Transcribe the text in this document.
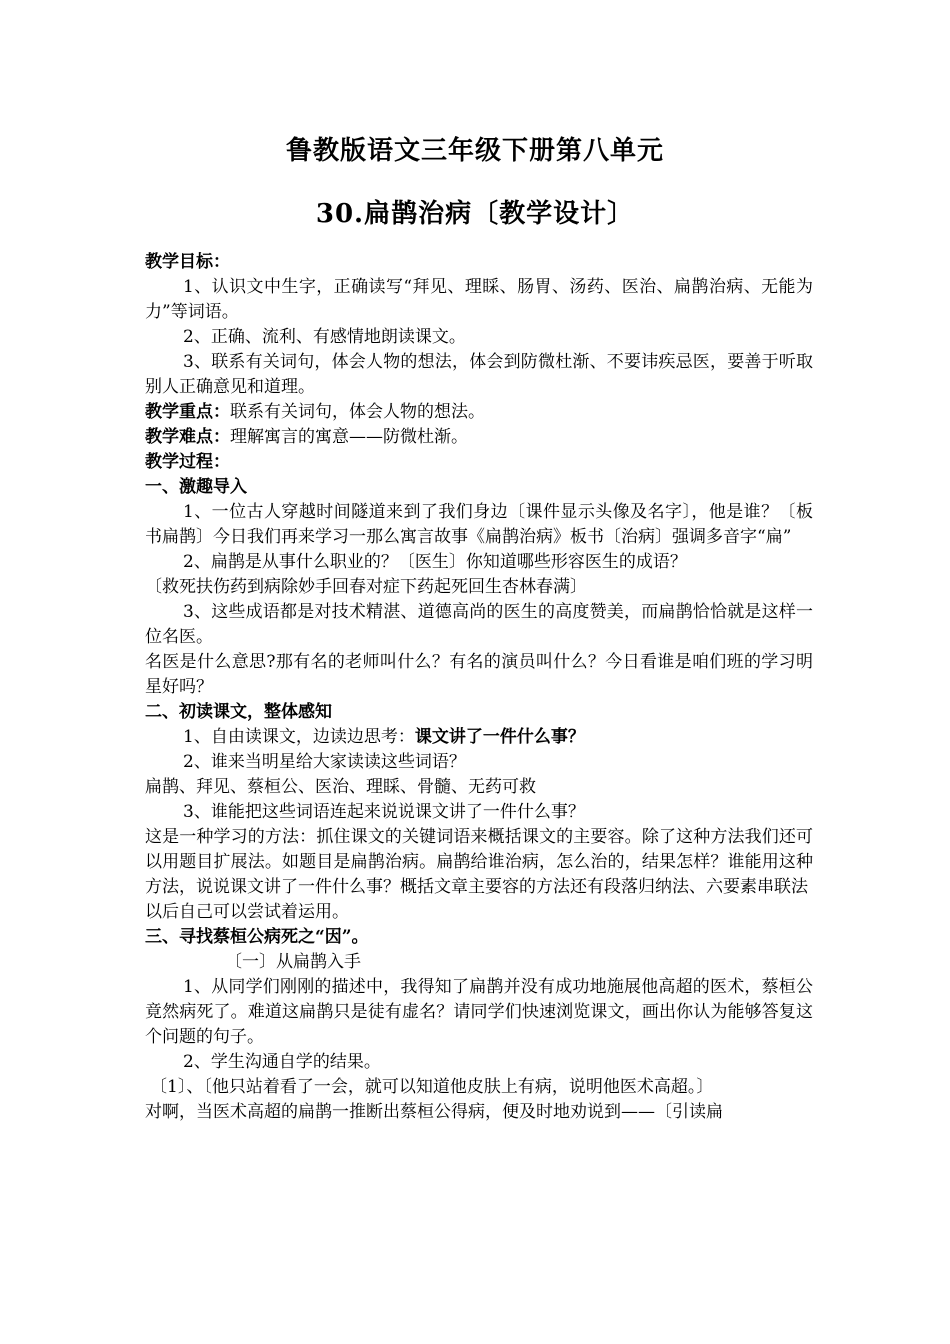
鲁教版语文三年级下册第八单元
30.扁鹊治病〔教学设计〕

教学目标：

1、认识文中生字，正确读写“拜见、理睬、肠胃、汤药、医治、扁鹊治病、无能为力”等词语。

2、正确、流利、有感情地朗读课文。

3、联系有关词句，体会人物的想法，体会到防微杜渐、不要讳疾忌医，要善于听取别人正确意见和道理。

教学重点：联系有关词句，体会人物的想法。

教学难点：理解寓言的寓意——防微杜渐。

教学过程：

一、激趣导入

1、一位古人穿越时间隧道来到了我们身边〔课件显示头像及名字〕，他是谁？〔板书扁鹊〕今日我们再来学习一那么寓言故事《扁鹊治病》板书〔治病〕强调多音字“扁”

2、扁鹊是从事什么职业的？〔医生〕你知道哪些形容医生的成语？

〔救死扶伤药到病除妙手回春对症下药起死回生杏林春满〕

3、这些成语都是对技术精湛、道德高尚的医生的高度赞美，而扁鹊恰恰就是这样一位名医。

名医是什么意思?那有名的老师叫什么？有名的演员叫什么？今日看谁是咱们班的学习明星好吗？

二、初读课文，整体感知

1、自由读课文，边读边思考：课文讲了一件什么事？

2、谁来当明星给大家读读这些词语？

扁鹊、拜见、蔡桓公、医治、理睬、骨髓、无药可救

3、谁能把这些词语连起来说说课文讲了一件什么事？

这是一种学习的方法：抓住课文的关键词语来概括课文的主要容。除了这种方法我们还可以用题目扩展法。如题目是扁鹊治病。扁鹊给谁治病，怎么治的，结果怎样？谁能用这种方法，说说课文讲了一件什么事？概括文章主要容的方法还有段落归纳法、六要素串联法

以后自己可以尝试着运用。

三、寻找蔡桓公病死之“因”。

〔一〕从扁鹊入手

1、从同学们刚刚的描述中，我得知了扁鹊并没有成功地施展他高超的医术，蔡桓公竟然病死了。难道这扁鹊只是徒有虚名？请同学们快速浏览课文，画出你认为能够答复这个问题的句子。

2、学生沟通自学的结果。

〔1〕、〔他只站着看了一会，就可以知道他皮肤上有病，说明他医术高超。〕

对啊，当医术高超的扁鹊一推断出蔡桓公得病，便及时地劝说到——〔引读扁
